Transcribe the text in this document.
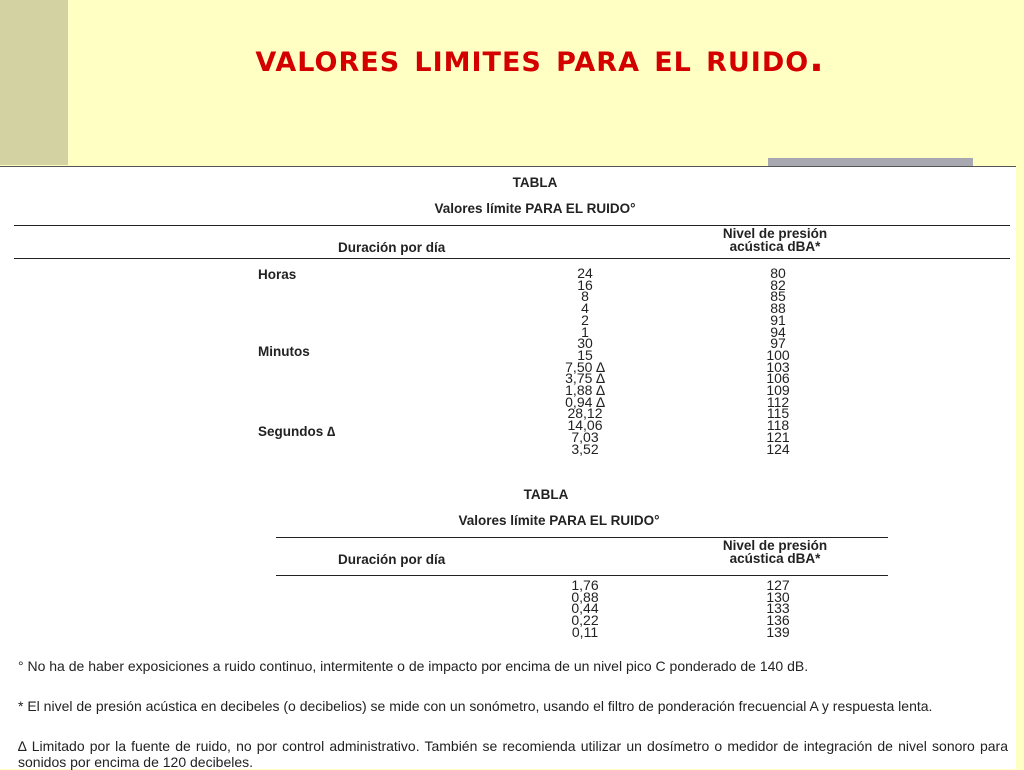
valores limites para el ruido.
TABLA
Valores límite PARA EL RUIDO°
Duración por día
Nivel de presión
acústica dBA*
Horas
Minutos
Segundos ∆
24
16
8
4
2
1
30
15
7,50 ∆
3,75 ∆
1,88 ∆
0,94 ∆
28,12
14,06
7,03
3,52
80
82
85
88
91
94
97
100
103
106
109
112
115
118
121
124
TABLA
Valores límite PARA EL RUIDO°
Duración por día
Nivel de presión
acústica dBA*
1,76
0,88
0,44
0,22
0,11
127
130
133
136
139
° No ha de haber exposiciones a ruido continuo, intermitente o de impacto por encima de un nivel pico C ponderado de 140 dB.
* El nivel de presión acústica en decibeles (o decibelios) se mide con un sonómetro, usando el filtro de ponderación frecuencial A y respuesta lenta.
∆ Limitado por la fuente de ruido, no por control administrativo. También se recomienda utilizar un dosímetro o medidor de integración de nivel sonoro para sonidos por encima de 120 decibeles.
